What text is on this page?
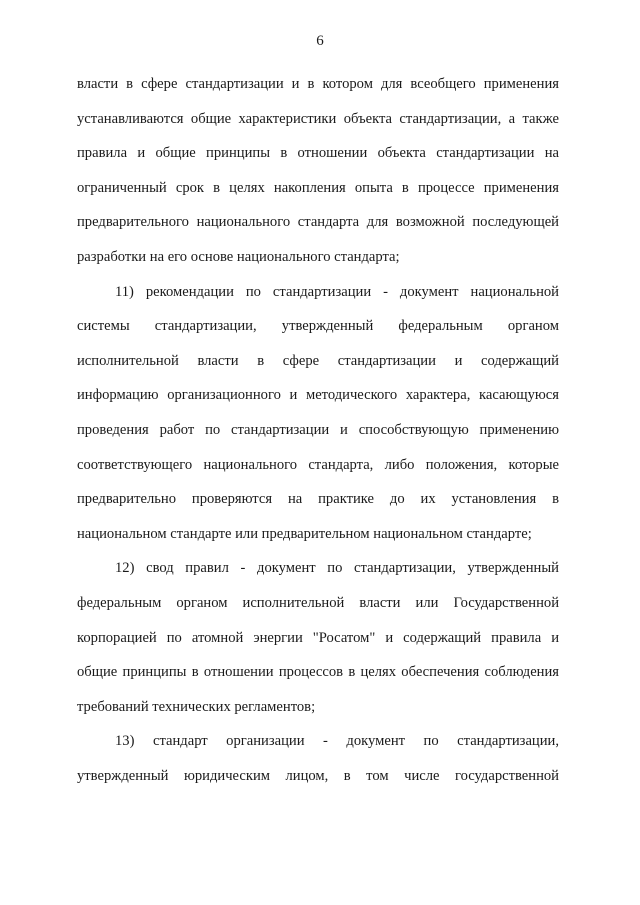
6
власти в сфере стандартизации и в котором для всеобщего применения
устанавливаются общие характеристики объекта стандартизации, а также
правила и общие принципы в отношении объекта стандартизации на
ограниченный срок в целях накопления опыта в процессе применения
предварительного национального стандарта для возможной последующей
разработки на его основе национального стандарта;
11) рекомендации по стандартизации - документ национальной
системы стандартизации, утвержденный федеральным органом
исполнительной власти в сфере стандартизации и содержащий
информацию организационного и методического характера, касающуюся
проведения работ по стандартизации и способствующую применению
соответствующего национального стандарта, либо положения, которые
предварительно проверяются на практике до их установления в
национальном стандарте или предварительном национальном стандарте;
12) свод правил - документ по стандартизации, утвержденный
федеральным органом исполнительной власти или Государственной
корпорацией по атомной энергии "Росатом" и содержащий правила и
общие принципы в отношении процессов в целях обеспечения соблюдения
требований технических регламентов;
13) стандарт организации - документ по стандартизации,
утвержденный юридическим лицом, в том числе государственной
